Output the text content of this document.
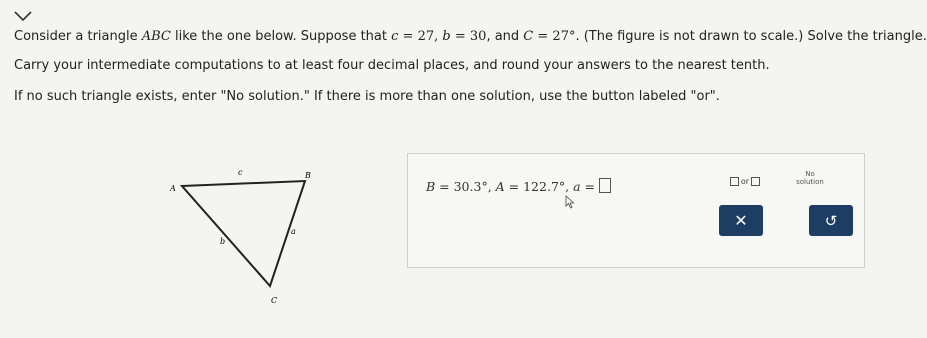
Consider a triangle ABC like the one below. Suppose that c = 27, b = 30, and C = 27°. (The figure is not drawn to scale.) Solve the triangle.
Carry your intermediate computations to at least four decimal places, and round your answers to the nearest tenth.
If no such triangle exists, enter "No solution." If there is more than one solution, use the button labeled "or".
A
B
C
c
b
a
B = 30.3°, A = 122.7°, a =	or
No
solution
✕	↺
